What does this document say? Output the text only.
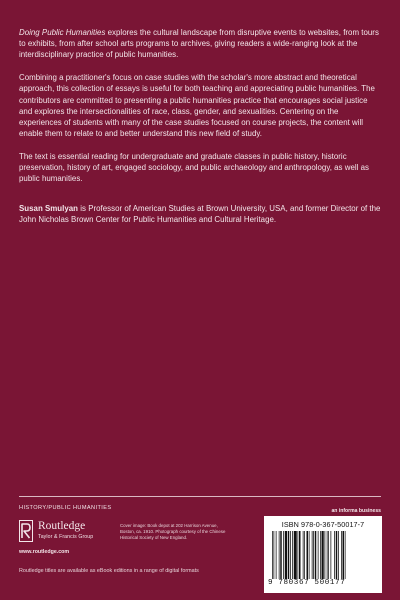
Doing Public Humanities explores the cultural landscape from disruptive events to websites, from tours to exhibits, from after school arts programs to archives, giving readers a wide-ranging look at the interdisciplinary practice of public humanities.

Combining a practitioner's focus on case studies with the scholar's more abstract and theoretical approach, this collection of essays is useful for both teaching and appreciating public humanities. The contributors are committed to presenting a public humanities practice that encourages social justice and explores the intersectionalities of race, class, gender, and sexualities. Centering on the experiences of students with many of the case studies focused on course projects, the content will enable them to relate to and better understand this new field of study.

The text is essential reading for undergraduate and graduate classes in public history, historic preservation, history of art, engaged sociology, and public archaeology and anthropology, as well as public humanities.

Susan Smulyan is Professor of American Studies at Brown University, USA, and former Director of the John Nicholas Brown Center for Public Humanities and Cultural Heritage.

HISTORY/PUBLIC HUMANITIES	an informa business
Routledge
Taylor & Francis Group
www.routledge.com
Cover image: Book depot at 202 Harrison Avenue, Boston, ca. 1910. Photograph courtesy of the Chinese Historical Society of New England.
Routledge titles are available as eBook editions in a range of digital formats
ISBN 978-0-367-50017-7
9 780367 500177
